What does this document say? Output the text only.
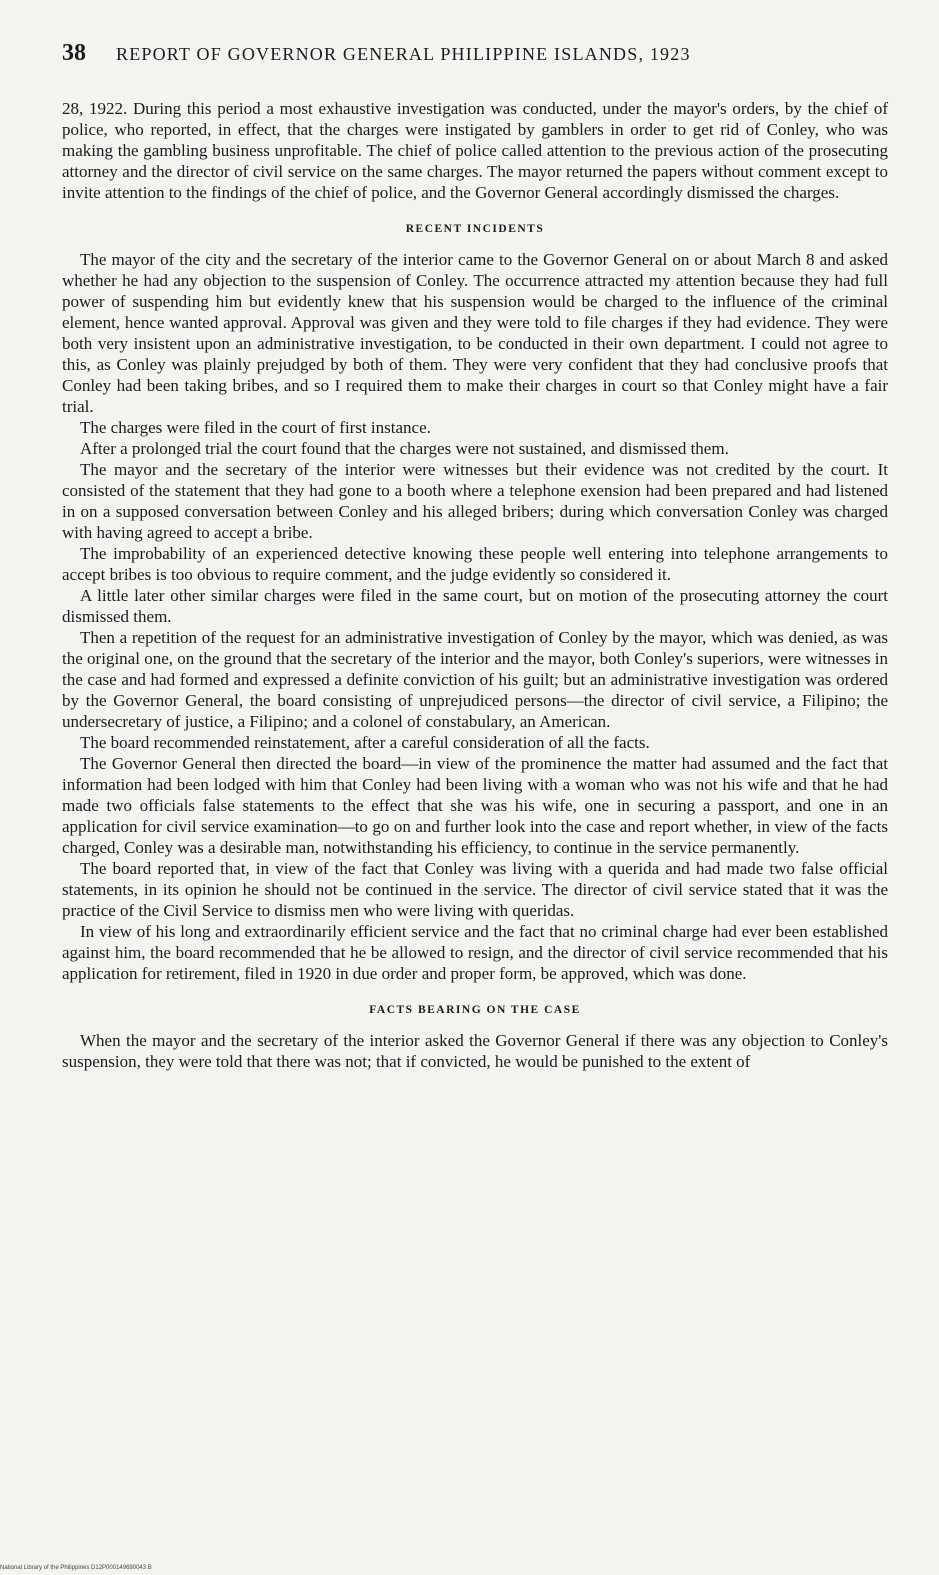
38 REPORT OF GOVERNOR GENERAL PHILIPPINE ISLANDS, 1923

28, 1922. During this period a most exhaustive investigation was conducted, under the mayor's orders, by the chief of police, who reported, in effect, that the charges were instigated by gamblers in order to get rid of Conley, who was making the gambling business unprofitable. The chief of police called attention to the previous action of the prosecuting attorney and the director of civil service on the same charges. The mayor returned the papers without comment except to invite attention to the findings of the chief of police, and the Governor General accordingly dismissed the charges.

RECENT INCIDENTS

The mayor of the city and the secretary of the interior came to the Governor General on or about March 8 and asked whether he had any objection to the suspension of Conley. The occurrence attracted my attention because they had full power of suspending him but evidently knew that his suspension would be charged to the influence of the criminal element, hence wanted approval. Approval was given and they were told to file charges if they had evidence. They were both very insistent upon an administrative investigation, to be conducted in their own department. I could not agree to this, as Conley was plainly prejudged by both of them. They were very confident that they had conclusive proofs that Conley had been taking bribes, and so I required them to make their charges in court so that Conley might have a fair trial.

The charges were filed in the court of first instance.

After a prolonged trial the court found that the charges were not sustained, and dismissed them.

The mayor and the secretary of the interior were witnesses but their evidence was not credited by the court. It consisted of the statement that they had gone to a booth where a telephone exension had been prepared and had listened in on a supposed conversation between Conley and his alleged bribers; during which conversation Conley was charged with having agreed to accept a bribe.

The improbability of an experienced detective knowing these people well entering into telephone arrangements to accept bribes is too obvious to require comment, and the judge evidently so considered it.

A little later other similar charges were filed in the same court, but on motion of the prosecuting attorney the court dismissed them.

Then a repetition of the request for an administrative investigation of Conley by the mayor, which was denied, as was the original one, on the ground that the secretary of the interior and the mayor, both Conley's superiors, were witnesses in the case and had formed and expressed a definite conviction of his guilt; but an administrative investigation was ordered by the Governor General, the board consisting of unprejudiced persons—the director of civil service, a Filipino; the undersecretary of justice, a Filipino; and a colonel of constabulary, an American.

The board recommended reinstatement, after a careful consideration of all the facts.

The Governor General then directed the board—in view of the prominence the matter had assumed and the fact that information had been lodged with him that Conley had been living with a woman who was not his wife and that he had made two officials false statements to the effect that she was his wife, one in securing a passport, and one in an application for civil service examination—to go on and further look into the case and report whether, in view of the facts charged, Conley was a desirable man, notwithstanding his efficiency, to continue in the service permanently.

The board reported that, in view of the fact that Conley was living with a querida and had made two false official statements, in its opinion he should not be continued in the service. The director of civil service stated that it was the practice of the Civil Service to dismiss men who were living with queridas.

In view of his long and extraordinarily efficient service and the fact that no criminal charge had ever been established against him, the board recommended that he be allowed to resign, and the director of civil service recommended that his application for retirement, filed in 1920 in due order and proper form, be approved, which was done.

FACTS BEARING ON THE CASE

When the mayor and the secretary of the interior asked the Governor General if there was any objection to Conley's suspension, they were told that there was not; that if convicted, he would be punished to the extent of

National Library of the Philippines D12P000149690043 B
